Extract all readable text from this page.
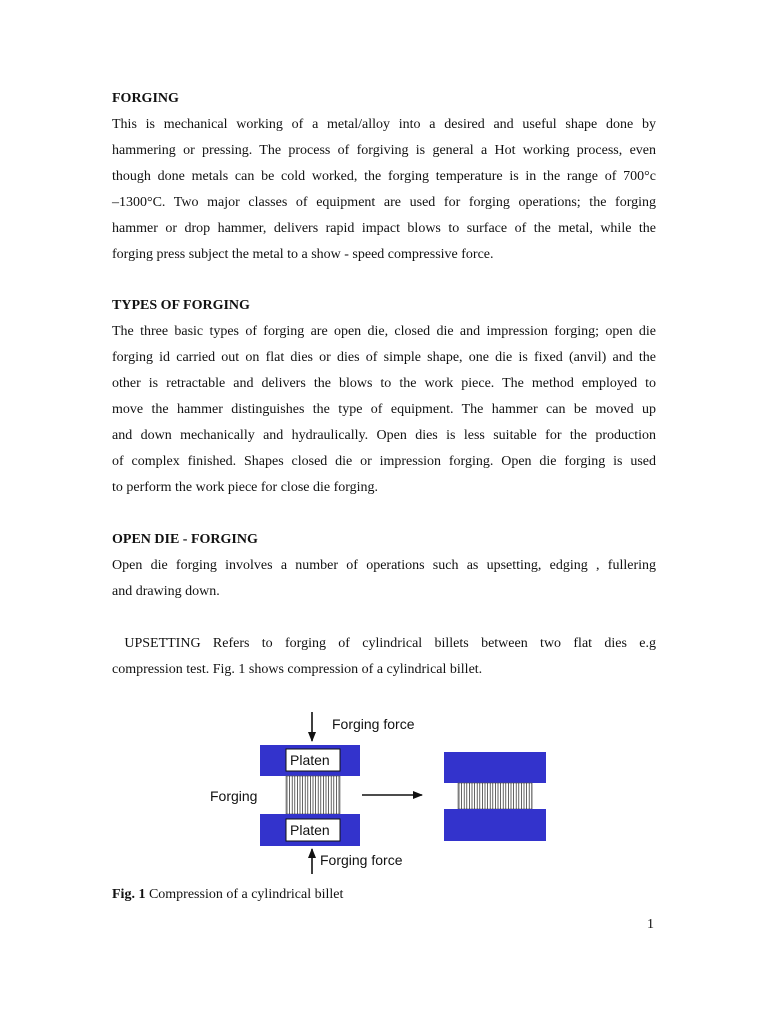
FORGING
This is mechanical working of a metal/alloy into a desired and useful shape done by
hammering or pressing. The process of forgiving is general a Hot working process, even
though done metals can be cold worked, the forging temperature is in the range of 700°c
–1300°C. Two major classes of equipment are used for forging operations; the forging
hammer or drop hammer, delivers rapid impact blows to surface of the metal, while the
forging press subject the metal to a show - speed compressive force.
TYPES OF FORGING
The three basic types of forging are open die, closed die and impression forging; open die
forging id carried out on flat dies or dies of simple shape, one die is fixed (anvil) and the
other is retractable and delivers the blows to the work piece. The method employed to
move the hammer distinguishes the type of equipment. The hammer can be moved up
and down mechanically and hydraulically. Open dies is less suitable for the production
of complex finished. Shapes closed die or impression forging. Open die forging is used
to perform the work piece for close die forging.
OPEN DIE - FORGING
Open die forging involves a number of operations such as upsetting, edging , fullering
and drawing down.
UPSETTING Refers to forging of cylindrical billets between two flat dies e.g
compression test. Fig. 1 shows compression of a cylindrical billet.
Forging force
Platen
Forging
Platen
Forging force

Fig. 1 Compression of a cylindrical billet

1
